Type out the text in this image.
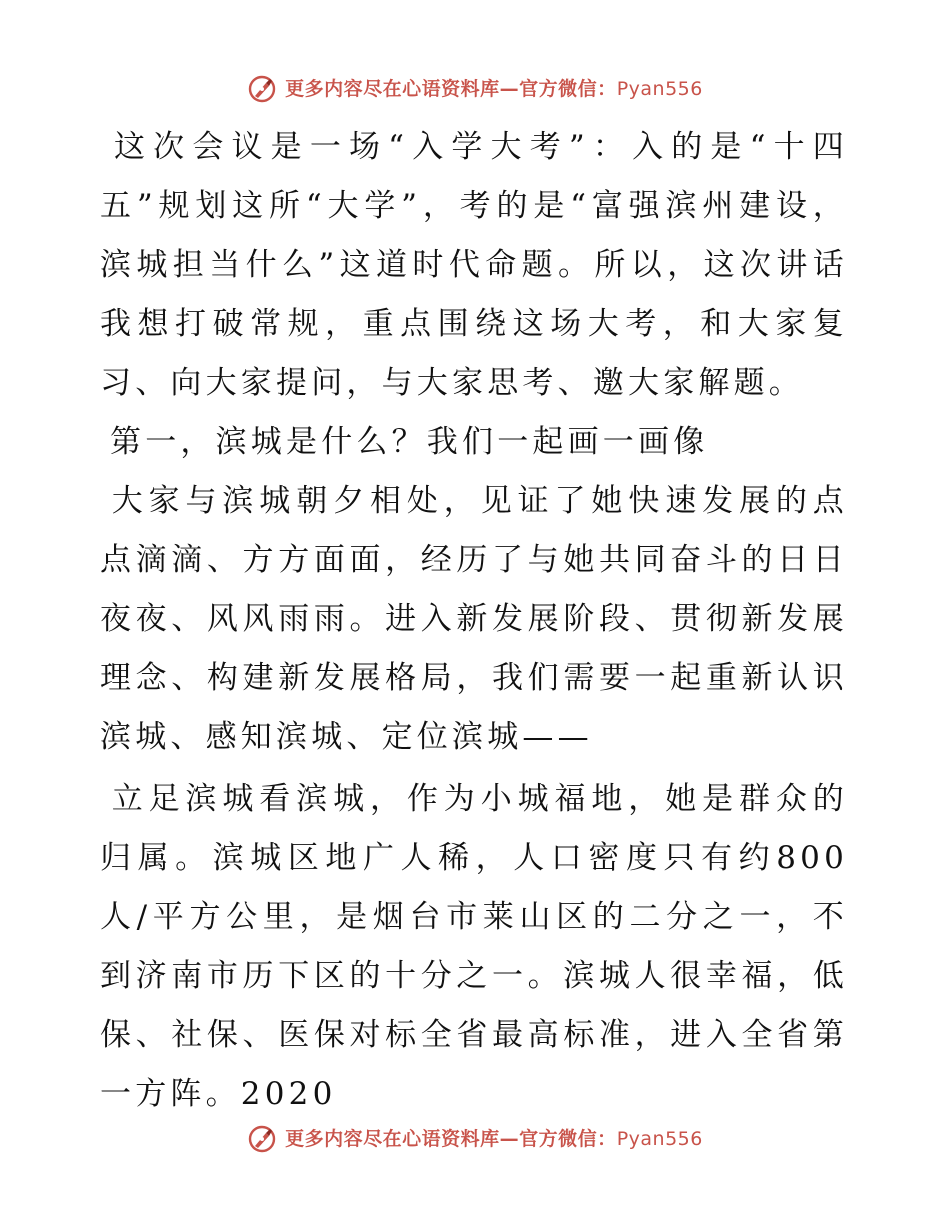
更多内容尽在心语资料库—官方微信：Pyan556

这次会议是一场“入学大考”：入的是“十四五”规划这所“大学”，考的是“富强滨州建设，滨城担当什么”这道时代命题。所以，这次讲话我想打破常规，重点围绕这场大考，和大家复习、向大家提问，与大家思考、邀大家解题。

第一，滨城是什么？我们一起画一画像

大家与滨城朝夕相处，见证了她快速发展的点点滴滴、方方面面，经历了与她共同奋斗的日日夜夜、风风雨雨。进入新发展阶段、贯彻新发展理念、构建新发展格局，我们需要一起重新认识滨城、感知滨城、定位滨城——

立足滨城看滨城，作为小城福地，她是群众的归属。滨城区地广人稀，人口密度只有约800人/平方公里，是烟台市莱山区的二分之一，不到济南市历下区的十分之一。滨城人很幸福，低保、社保、医保对标全省最高标准，进入全省第一方阵。2020

更多内容尽在心语资料库—官方微信：Pyan556
